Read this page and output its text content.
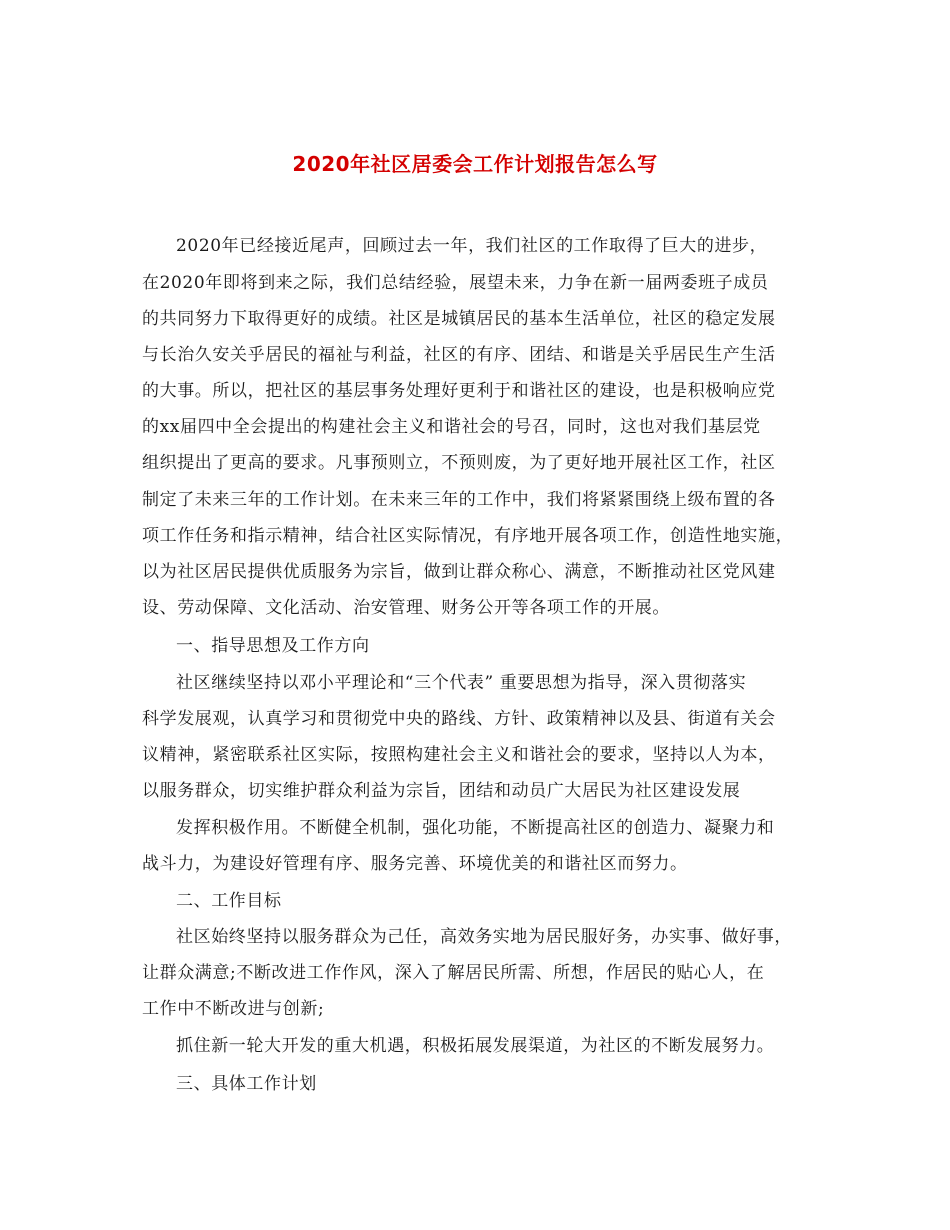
2020年社区居委会工作计划报告怎么写
2020年已经接近尾声，回顾过去一年，我们社区的工作取得了巨大的进步，
在2020年即将到来之际，我们总结经验，展望未来，力争在新一届两委班子成员
的共同努力下取得更好的成绩。社区是城镇居民的基本生活单位，社区的稳定发展
与长治久安关乎居民的福祉与利益，社区的有序、团结、和谐是关乎居民生产生活
的大事。所以，把社区的基层事务处理好更利于和谐社区的建设，也是积极响应党
的xx届四中全会提出的构建社会主义和谐社会的号召，同时，这也对我们基层党
组织提出了更高的要求。凡事预则立，不预则废，为了更好地开展社区工作，社区
制定了未来三年的工作计划。在未来三年的工作中，我们将紧紧围绕上级布置的各
项工作任务和指示精神，结合社区实际情况，有序地开展各项工作，创造性地实施，
以为社区居民提供优质服务为宗旨，做到让群众称心、满意，不断推动社区党风建
设、劳动保障、文化活动、治安管理、财务公开等各项工作的开展。
一、指导思想及工作方向
社区继续坚持以邓小平理论和“三个代表” 重要思想为指导，深入贯彻落实
科学发展观，认真学习和贯彻党中央的路线、方针、政策精神以及县、街道有关会
议精神，紧密联系社区实际，按照构建社会主义和谐社会的要求，坚持以人为本，
以服务群众，切实维护群众利益为宗旨，团结和动员广大居民为社区建设发展
发挥积极作用。不断健全机制，强化功能，不断提高社区的创造力、凝聚力和
战斗力，为建设好管理有序、服务完善、环境优美的和谐社区而努力。
二、工作目标
社区始终坚持以服务群众为己任，高效务实地为居民服好务，办实事、做好事，
让群众满意;不断改进工作作风，深入了解居民所需、所想，作居民的贴心人，在
工作中不断改进与创新;
抓住新一轮大开发的重大机遇，积极拓展发展渠道，为社区的不断发展努力。
三、具体工作计划
